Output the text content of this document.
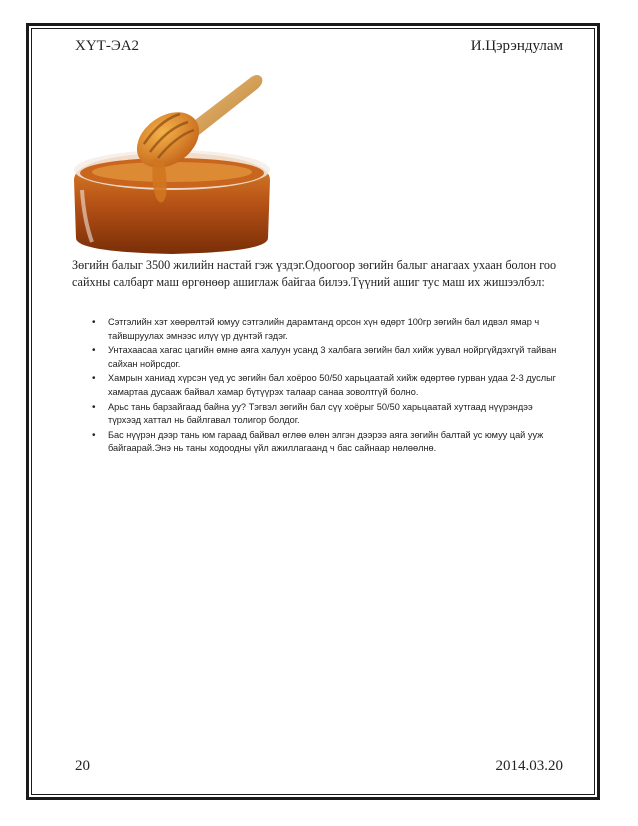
ХҮТ-ЭА2	И.Цэрэндулам
Зөгийн балыг 3500 жилийн настай гэж үздэг.Одоогоор зөгийн балыг анагаах ухаан болон гоо сайхны салбарт маш өргөнөөр ашиглаж байгаа билээ.Түүний ашиг тус маш их жишээлбэл:
• Сэтгэлийн хэт хөөрөлтэй юмуу сэтгэлийн дарамтанд орсон хүн өдөрт 100гр зөгийн бал идвэл ямар ч тайвшруулах эмнээс илүү үр дүнтэй гэдэг.
• Унтахаасаа хагас цагийн өмнө аяга халуун усанд 3 халбага зөгийн бал хийж уувал нойргүйдэхгүй тайван сайхан нойрсдог.
• Хамрын ханиад хүрсэн үед ус зөгийн бал хоёроо 50/50 харьцаатай хийж өдөртөө гурван удаа 2-3 дуслыг хамартаа дусааж байвал хамар бүтүүрэх талаар санаа зоволтгүй болно.
• Арьс тань барзайгаад байна уу? Тэгвэл зөгийн бал сүү хоёрыг 50/50 харьцаатай хутгаад нүүрэндээ түрхээд хаттал нь байлгавал толигор болдог.
• Бас нүүрэн дээр тань юм гараад байвал өглөө өлөн элгэн дээрээ аяга зөгийн балтай ус юмуу цай ууж байгаарай.Энэ нь таны ходоодны үйл ажиллагаанд ч бас сайнаар нөлөөлнө.
20	2014.03.20
